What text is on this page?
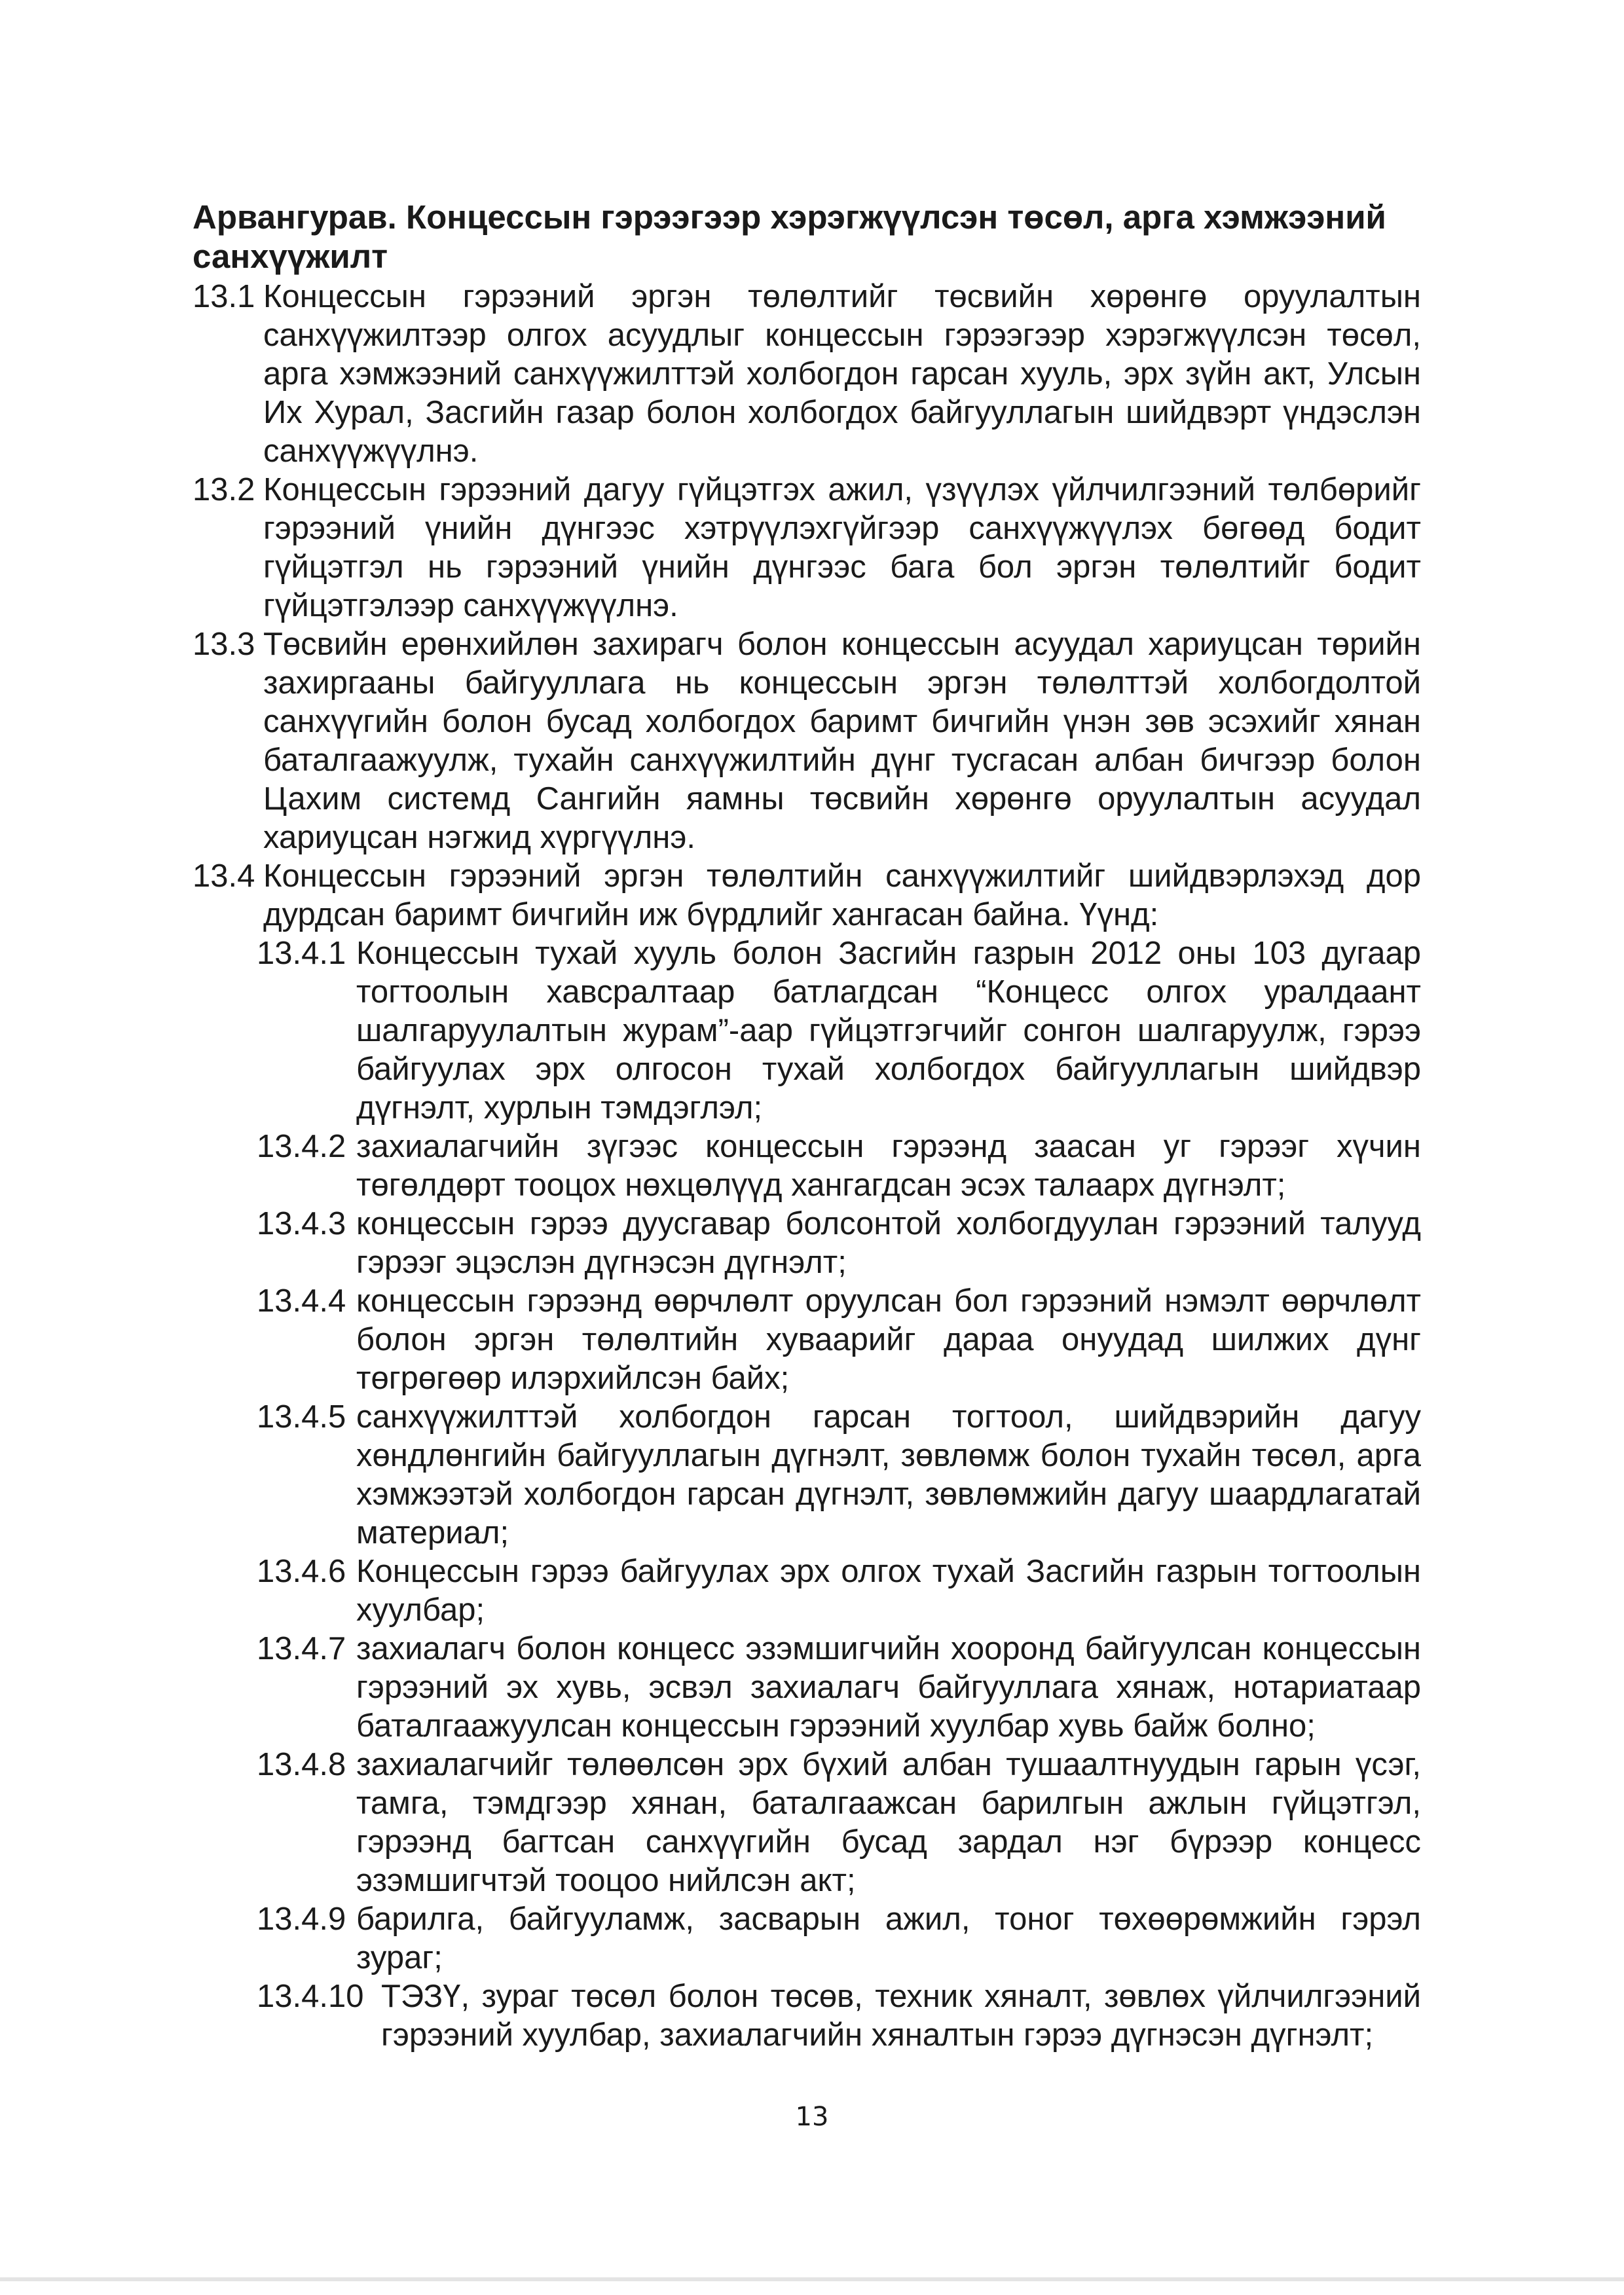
Арвангурав. Концессын гэрээгээр хэрэгжүүлсэн төсөл, арга хэмжээний санхүүжилт
13.1 Концессын гэрээний эргэн төлөлтийг төсвийн хөрөнгө оруулалтын санхүүжилтээр олгох асуудлыг концессын гэрээгээр хэрэгжүүлсэн төсөл, арга хэмжээний санхүүжилттэй холбогдон гарсан хууль, эрх зүйн акт, Улсын Их Хурал, Засгийн газар болон холбогдох байгууллагын шийдвэрт үндэслэн санхүүжүүлнэ.
13.2 Концессын гэрээний дагуу гүйцэтгэх ажил, үзүүлэх үйлчилгээний төлбөрийг гэрээний үнийн дүнгээс хэтрүүлэхгүйгээр санхүүжүүлэх бөгөөд бодит гүйцэтгэл нь гэрээний үнийн дүнгээс бага бол эргэн төлөлтийг бодит гүйцэтгэлээр санхүүжүүлнэ.
13.3 Төсвийн ерөнхийлөн захирагч болон концессын асуудал хариуцсан төрийн захиргааны байгууллага нь концессын эргэн төлөлттэй холбогдолтой санхүүгийн болон бусад холбогдох баримт бичгийн үнэн зөв эсэхийг хянан баталгаажуулж, тухайн санхүүжилтийн дүнг тусгасан албан бичгээр болон Цахим системд Сангийн яамны төсвийн хөрөнгө оруулалтын асуудал хариуцсан нэгжид хүргүүлнэ.
13.4 Концессын гэрээний эргэн төлөлтийн санхүүжилтийг шийдвэрлэхэд дор дурдсан баримт бичгийн иж бүрдлийг хангасан байна. Үүнд:
13.4.1 Концессын тухай хууль болон Засгийн газрын 2012 оны 103 дугаар тогтоолын хавсралтаар батлагдсан “Концесс олгох уралдаант шалгаруулалтын журам”-аар гүйцэтгэгчийг сонгон шалгаруулж, гэрээ байгуулах эрх олгосон тухай холбогдох байгууллагын шийдвэр дүгнэлт, хурлын тэмдэглэл;
13.4.2 захиалагчийн зүгээс концессын гэрээнд заасан уг гэрээг хүчин төгөлдөрт тооцох нөхцөлүүд хангагдсан эсэх талаарх дүгнэлт;
13.4.3 концессын гэрээ дуусгавар болсонтой холбогдуулан гэрээний талууд гэрээг эцэслэн дүгнэсэн дүгнэлт;
13.4.4 концессын гэрээнд өөрчлөлт оруулсан бол гэрээний нэмэлт өөрчлөлт болон эргэн төлөлтийн хуваарийг дараа онуудад шилжих дүнг төгрөгөөр илэрхийлсэн байх;
13.4.5 санхүүжилттэй холбогдон гарсан тогтоол, шийдвэрийн дагуу хөндлөнгийн байгууллагын дүгнэлт, зөвлөмж болон тухайн төсөл, арга хэмжээтэй холбогдон гарсан дүгнэлт, зөвлөмжийн дагуу шаардлагатай материал;
13.4.6 Концессын гэрээ байгуулах эрх олгох тухай Засгийн газрын тогтоолын хуулбар;
13.4.7 захиалагч болон концесс эзэмшигчийн хооронд байгуулсан концессын гэрээний эх хувь, эсвэл захиалагч байгууллага хянаж, нотариатаар баталгаажуулсан концессын гэрээний хуулбар хувь байж болно;
13.4.8 захиалагчийг төлөөлсөн эрх бүхий албан тушаалтнуудын гарын үсэг, тамга, тэмдгээр хянан, баталгаажсан барилгын ажлын гүйцэтгэл, гэрээнд багтсан санхүүгийн бусад зардал нэг бүрээр концесс эзэмшигчтэй тооцоо нийлсэн акт;
13.4.9 барилга, байгууламж, засварын ажил, тоног төхөөрөмжийн гэрэл зураг;
13.4.10 ТЭЗҮ, зураг төсөл болон төсөв, техник хяналт, зөвлөх үйлчилгээний гэрээний хуулбар, захиалагчийн хяналтын гэрээ дүгнэсэн дүгнэлт;
13
